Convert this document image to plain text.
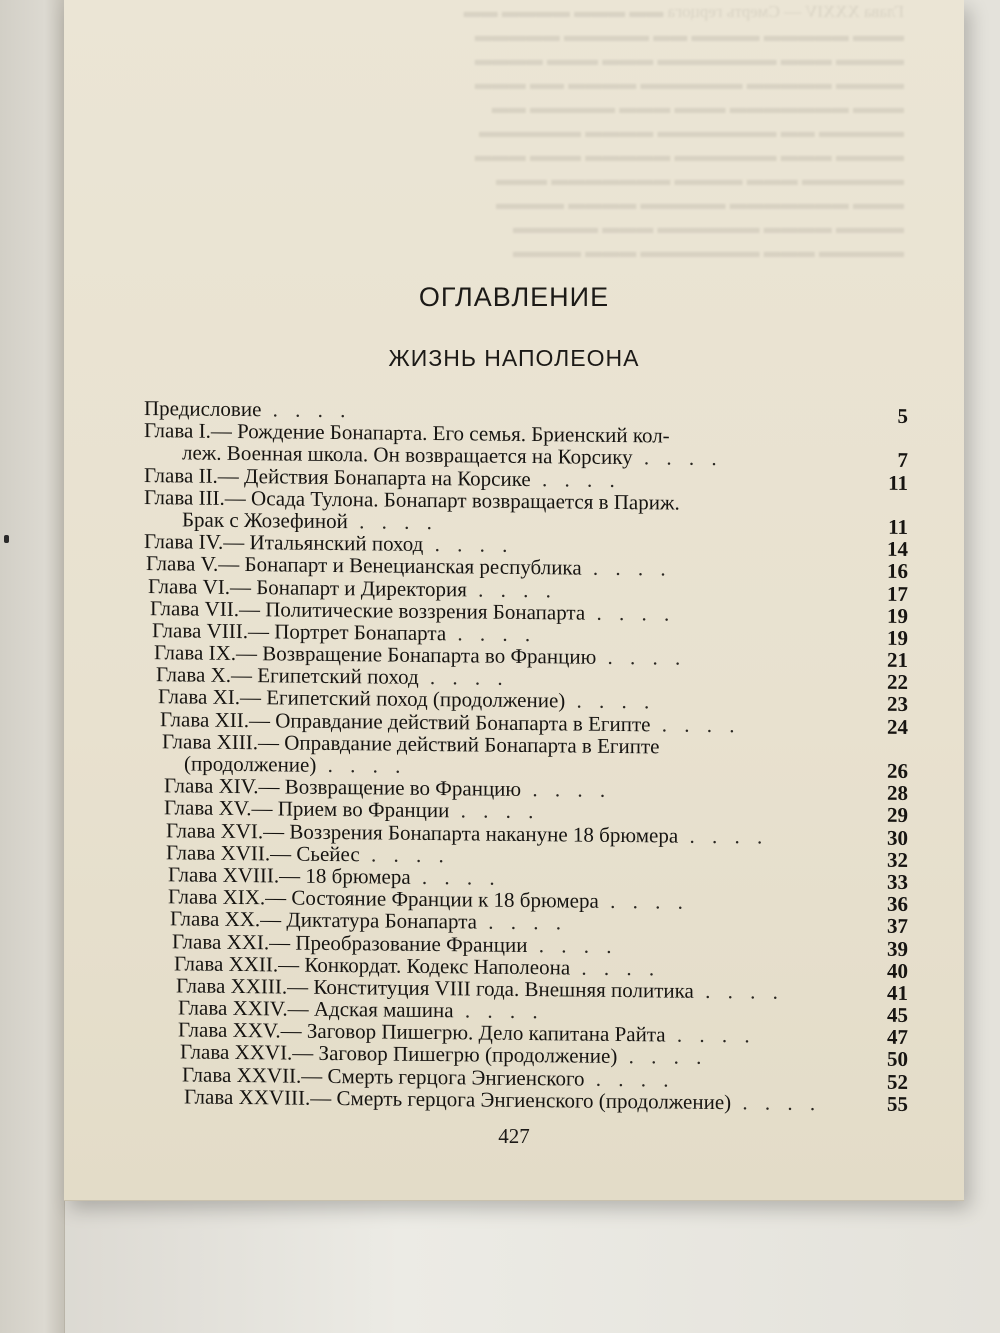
Глава XXXIV — Смерть герцога ▬▬ ▬▬▬ ▬▬▬▬ ▬▬
▬▬▬ ▬▬▬▬▬ ▬▬▬▬ ▬▬ ▬▬▬▬▬ ▬▬▬▬▬
▬▬▬▬ ▬▬▬ ▬▬▬▬▬▬▬ ▬▬▬ ▬▬▬ ▬▬▬▬
▬▬▬▬ ▬▬▬▬▬ ▬▬▬▬▬▬ ▬▬▬▬ ▬▬ ▬▬▬
▬▬▬ ▬▬▬▬▬▬▬ ▬▬▬ ▬▬▬ ▬▬▬▬▬ ▬▬
▬▬▬▬▬ ▬▬ ▬▬▬▬▬▬▬ ▬▬▬▬ ▬▬▬▬▬▬
▬▬▬▬ ▬▬▬ ▬▬▬▬▬▬ ▬▬▬▬▬ ▬▬▬ ▬▬▬
▬▬▬▬▬▬ ▬▬▬ ▬▬▬▬ ▬▬▬▬▬▬▬ ▬▬▬
▬▬▬ ▬▬▬▬▬▬▬ ▬▬▬▬▬ ▬▬▬▬ ▬▬▬▬
▬▬▬▬ ▬▬▬▬ ▬▬▬▬▬▬ ▬▬▬ ▬▬▬▬▬
▬▬▬▬▬ ▬▬▬ ▬▬▬▬▬▬▬ ▬▬▬ ▬▬▬▬
ОГЛАВЛЕНИЕ
ЖИЗНЬ НАПОЛЕОНА
Предисловие . . . .	5
Глава I.— Рождение Бонапарта. Его семья. Бриенский кол-
леж. Военная школа. Он возвращается на Корсику . . . .	7
Глава II.— Действия Бонапарта на Корсике . . . .	11
Глава III.— Осада Тулона. Бонапарт возвращается в Париж.
Брак с Жозефиной . . . .	11
Глава IV.— Итальянский поход . . . .	14
Глава V.— Бонапарт и Венецианская республика . . . .	16
Глава VI.— Бонапарт и Директория . . . .	17
Глава VII.— Политические воззрения Бонапарта . . . .	19
Глава VIII.— Портрет Бонапарта . . . .	19
Глава IX.— Возвращение Бонапарта во Францию . . . .	21
Глава X.— Египетский поход . . . .	22
Глава XI.— Египетский поход (продолжение) . . . .	23
Глава XII.— Оправдание действий Бонапарта в Египте . . . .	24
Глава XIII.— Оправдание действий Бонапарта в Египте
(продолжение) . . . .	26
Глава XIV.— Возвращение во Францию . . . .	28
Глава XV.— Прием во Франции . . . .	29
Глава XVI.— Воззрения Бонапарта накануне 18 брюмера . . . .	30
Глава XVII.— Сьейес . . . .	32
Глава XVIII.— 18 брюмера . . . .	33
Глава XIX.— Состояние Франции к 18 брюмера . . . .	36
Глава XX.— Диктатура Бонапарта . . . .	37
Глава XXI.— Преобразование Франции . . . .	39
Глава XXII.— Конкордат. Кодекс Наполеона . . . .	40
Глава XXIII.— Конституция VIII года. Внешняя политика . . . .	41
Глава XXIV.— Адская машина . . . .	45
Глава XXV.— Заговор Пишегрю. Дело капитана Райта . . . .	47
Глава XXVI.— Заговор Пишегрю (продолжение) . . . .	50
Глава XXVII.— Смерть герцога Энгиенского . . . .	52
Глава XXVIII.— Смерть герцога Энгиенского (продолжение) . . . .	55
427
